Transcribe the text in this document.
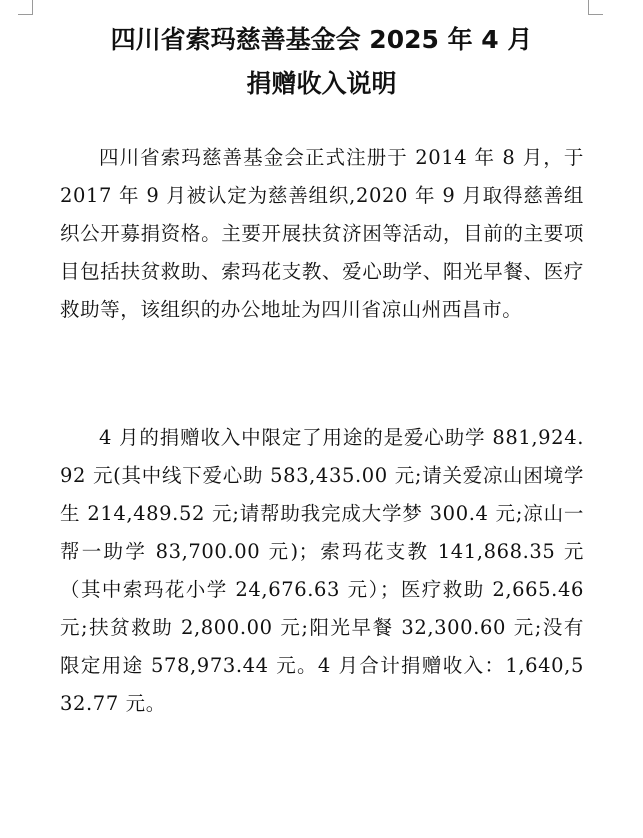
四川省索玛慈善基金会 2025 年 4 月
捐赠收入说明

四川省索玛慈善基金会正式注册于 2014 年 8 月，于 2017 年 9 月被认定为慈善组织,2020 年 9 月取得慈善组织公开募捐资格。主要开展扶贫济困等活动，目前的主要项目包括扶贫救助、索玛花支教、爱心助学、阳光早餐、医疗救助等，该组织的办公地址为四川省凉山州西昌市。

4 月的捐赠收入中限定了用途的是爱心助学 881,924.92 元(其中线下爱心助 583,435.00 元;请关爱凉山困境学生 214,489.52 元;请帮助我完成大学梦 300.4 元;凉山一帮一助学 83,700.00 元)；索玛花支教 141,868.35 元（其中索玛花小学 24,676.63 元）；医疗救助 2,665.46 元;扶贫救助 2,800.00 元;阳光早餐 32,300.60 元;没有限定用途 578,973.44 元。4 月合计捐赠收入：1,640,532.77 元。
